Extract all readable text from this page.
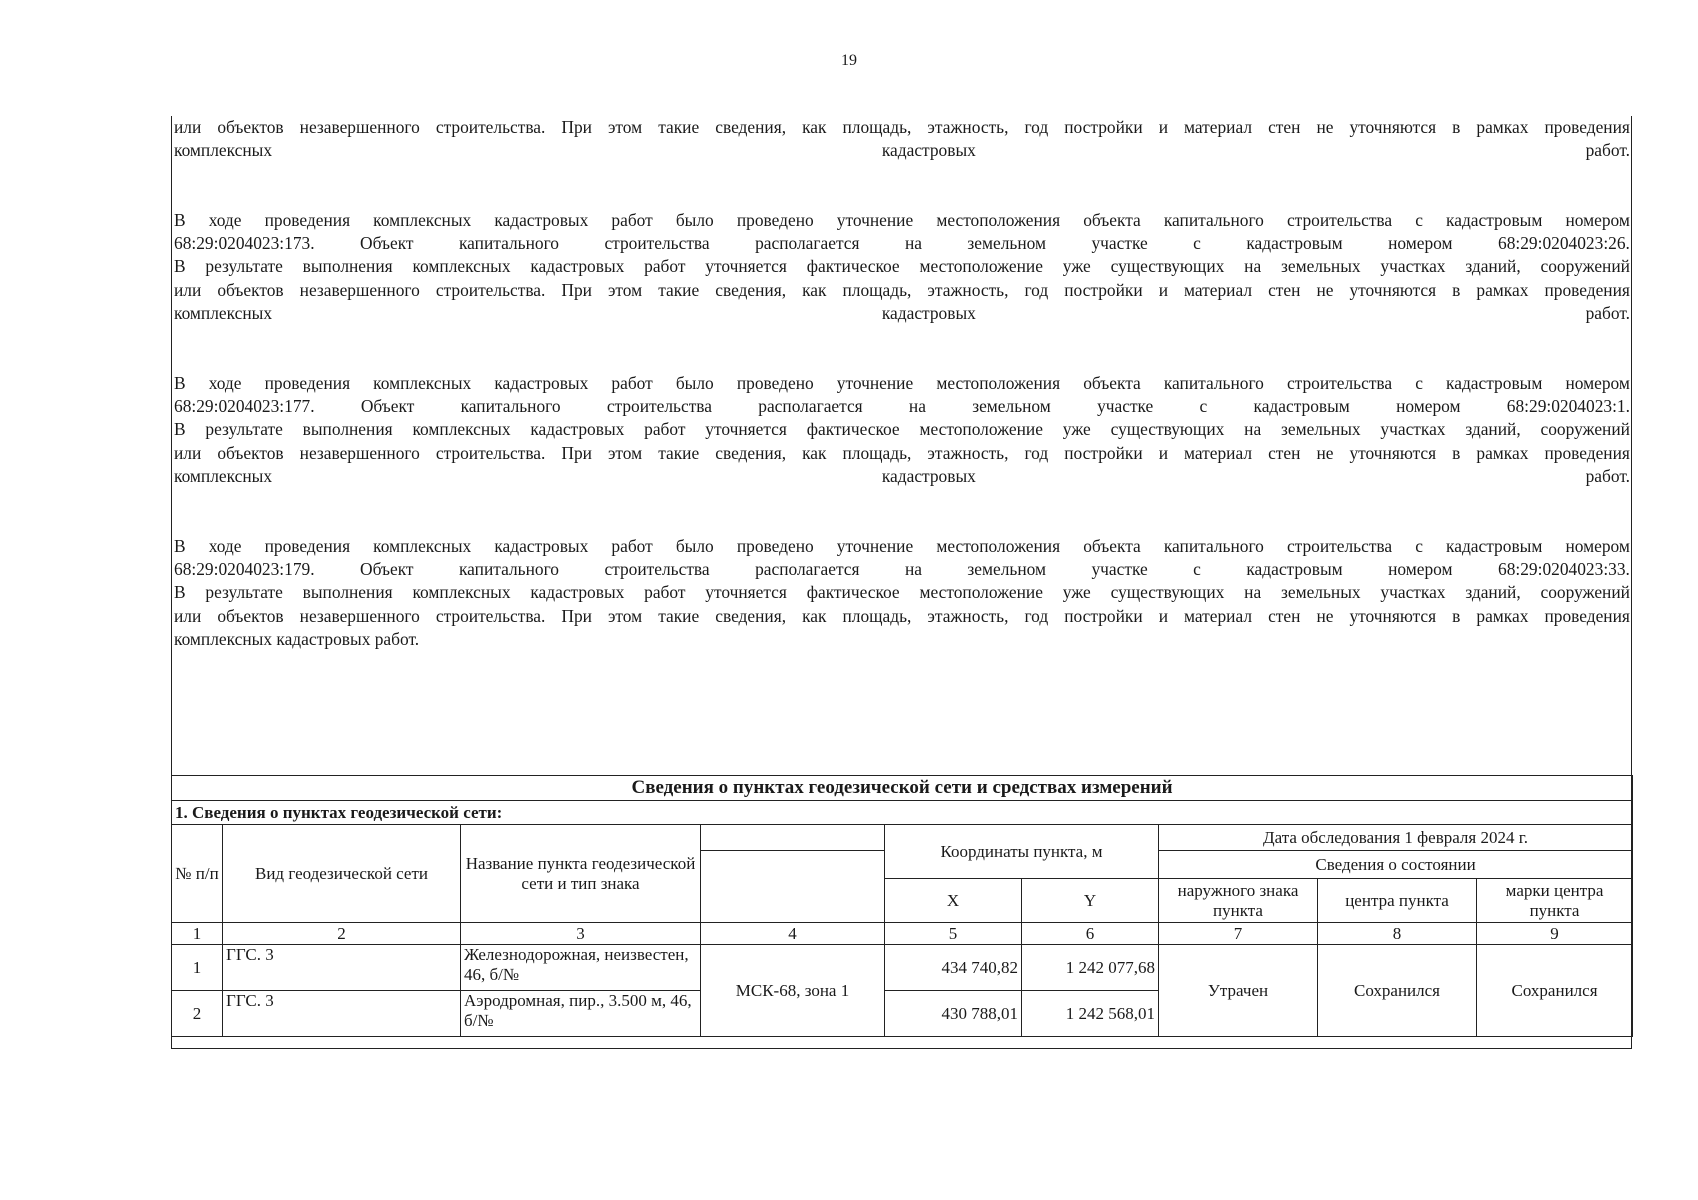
19
или объектов незавершенного строительства. При этом такие сведения, как площадь, этажность, год постройки и материал стен не уточняются в рамках проведения
комплексных	кадастровых	работ.
В ходе проведения комплексных кадастровых работ было проведено уточнение местоположения объекта капитального строительства с кадастровым номером
68:29:0204023:173.	Объект	капитального	строительства	располагается	на	земельном	участке	с	кадастровым	номером	68:29:0204023:26.
В результате выполнения комплексных кадастровых работ уточняется фактическое местоположение уже существующих на земельных участках зданий, сооружений
или объектов незавершенного строительства. При этом такие сведения, как площадь, этажность, год постройки и материал стен не уточняются в рамках проведения
комплексных	кадастровых	работ.
В ходе проведения комплексных кадастровых работ было проведено уточнение местоположения объекта капитального строительства с кадастровым номером
68:29:0204023:177.	Объект	капитального	строительства	располагается	на	земельном	участке	с	кадастровым	номером	68:29:0204023:1.
В результате выполнения комплексных кадастровых работ уточняется фактическое местоположение уже существующих на земельных участках зданий, сооружений
или объектов незавершенного строительства. При этом такие сведения, как площадь, этажность, год постройки и материал стен не уточняются в рамках проведения
комплексных	кадастровых	работ.
В ходе проведения комплексных кадастровых работ было проведено уточнение местоположения объекта капитального строительства с кадастровым номером
68:29:0204023:179.	Объект	капитального	строительства	располагается	на	земельном	участке	с	кадастровым	номером	68:29:0204023:33.
В результате выполнения комплексных кадастровых работ уточняется фактическое местоположение уже существующих на земельных участках зданий, сооружений
или объектов незавершенного строительства. При этом такие сведения, как площадь, этажность, год постройки и материал стен не уточняются в рамках проведения
комплексных кадастровых работ.
Сведения о пунктах геодезической сети и средствах измерений								
1. Сведения о пунктах геодезической сети:								
№ п/п	Вид геодезической сети	Название пункта геодезической сети и тип знака		Координаты пункта, м		Дата обследования 1 февраля 2024 г.		
						Сведения о состоянии		
				X	Y	наружного знака пункта	центра пункта	марки центра пункта
1	2	3	4	5	6	7	8	9
1	ГГС. 3	Железнодорожная, неизвестен, 46, б/№	МСК-68, зона 1	434 740,82	1 242 077,68	Утрачен	Сохранился	Сохранился
2	ГГС. 3	Аэродромная, пир., 3.500 м, 46, б/№		430 788,01	1 242 568,01			
